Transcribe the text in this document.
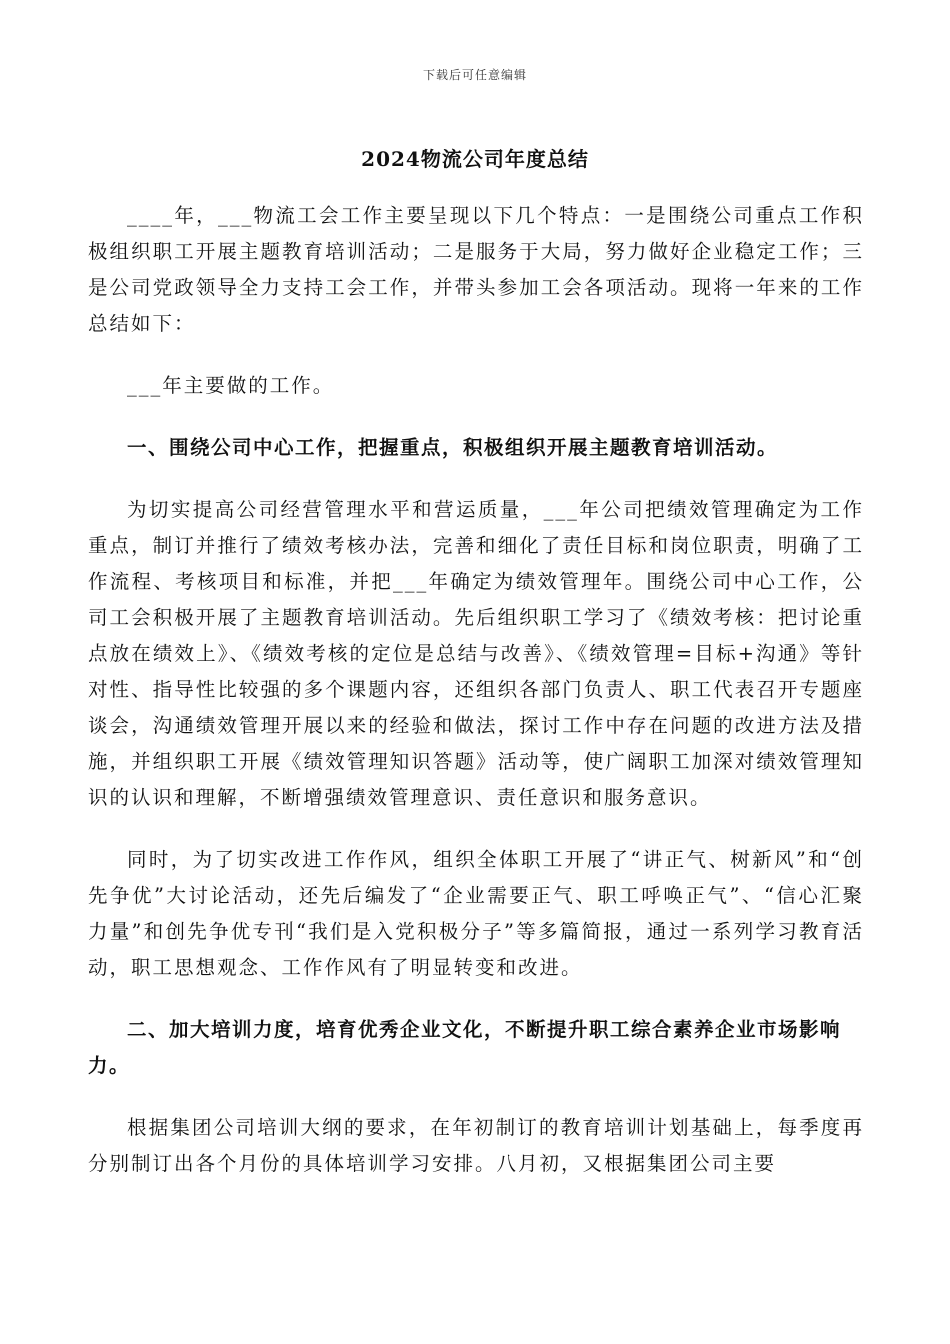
下载后可任意编辑
2024物流公司年度总结

____年，___物流工会工作主要呈现以下几个特点：一是围绕公司重点工作积极组织职工开展主题教育培训活动；二是服务于大局，努力做好企业稳定工作；三是公司党政领导全力支持工会工作，并带头参加工会各项活动。现将一年来的工作总结如下：

___年主要做的工作。

一、围绕公司中心工作，把握重点，积极组织开展主题教育培训活动。

为切实提高公司经营管理水平和营运质量，___年公司把绩效管理确定为工作重点，制订并推行了绩效考核办法，完善和细化了责任目标和岗位职责，明确了工作流程、考核项目和标准，并把___年确定为绩效管理年。围绕公司中心工作，公司工会积极开展了主题教育培训活动。先后组织职工学习了《绩效考核：把讨论重点放在绩效上》、《绩效考核的定位是总结与改善》、《绩效管理=目标+沟通》等针对性、指导性比较强的多个课题内容，还组织各部门负责人、职工代表召开专题座谈会，沟通绩效管理开展以来的经验和做法，探讨工作中存在问题的改进方法及措施，并组织职工开展《绩效管理知识答题》活动等，使广阔职工加深对绩效管理知识的认识和理解，不断增强绩效管理意识、责任意识和服务意识。

同时，为了切实改进工作作风，组织全体职工开展了“讲正气、树新风”和“创先争优”大讨论活动，还先后编发了“企业需要正气、职工呼唤正气”、“信心汇聚力量”和创先争优专刊“我们是入党积极分子”等多篇简报，通过一系列学习教育活动，职工思想观念、工作作风有了明显转变和改进。

二、加大培训力度，培育优秀企业文化，不断提升职工综合素养企业市场影响力。

根据集团公司培训大纲的要求，在年初制订的教育培训计划基础上，每季度再分别制订出各个月份的具体培训学习安排。八月初，又根据集团公司主要
